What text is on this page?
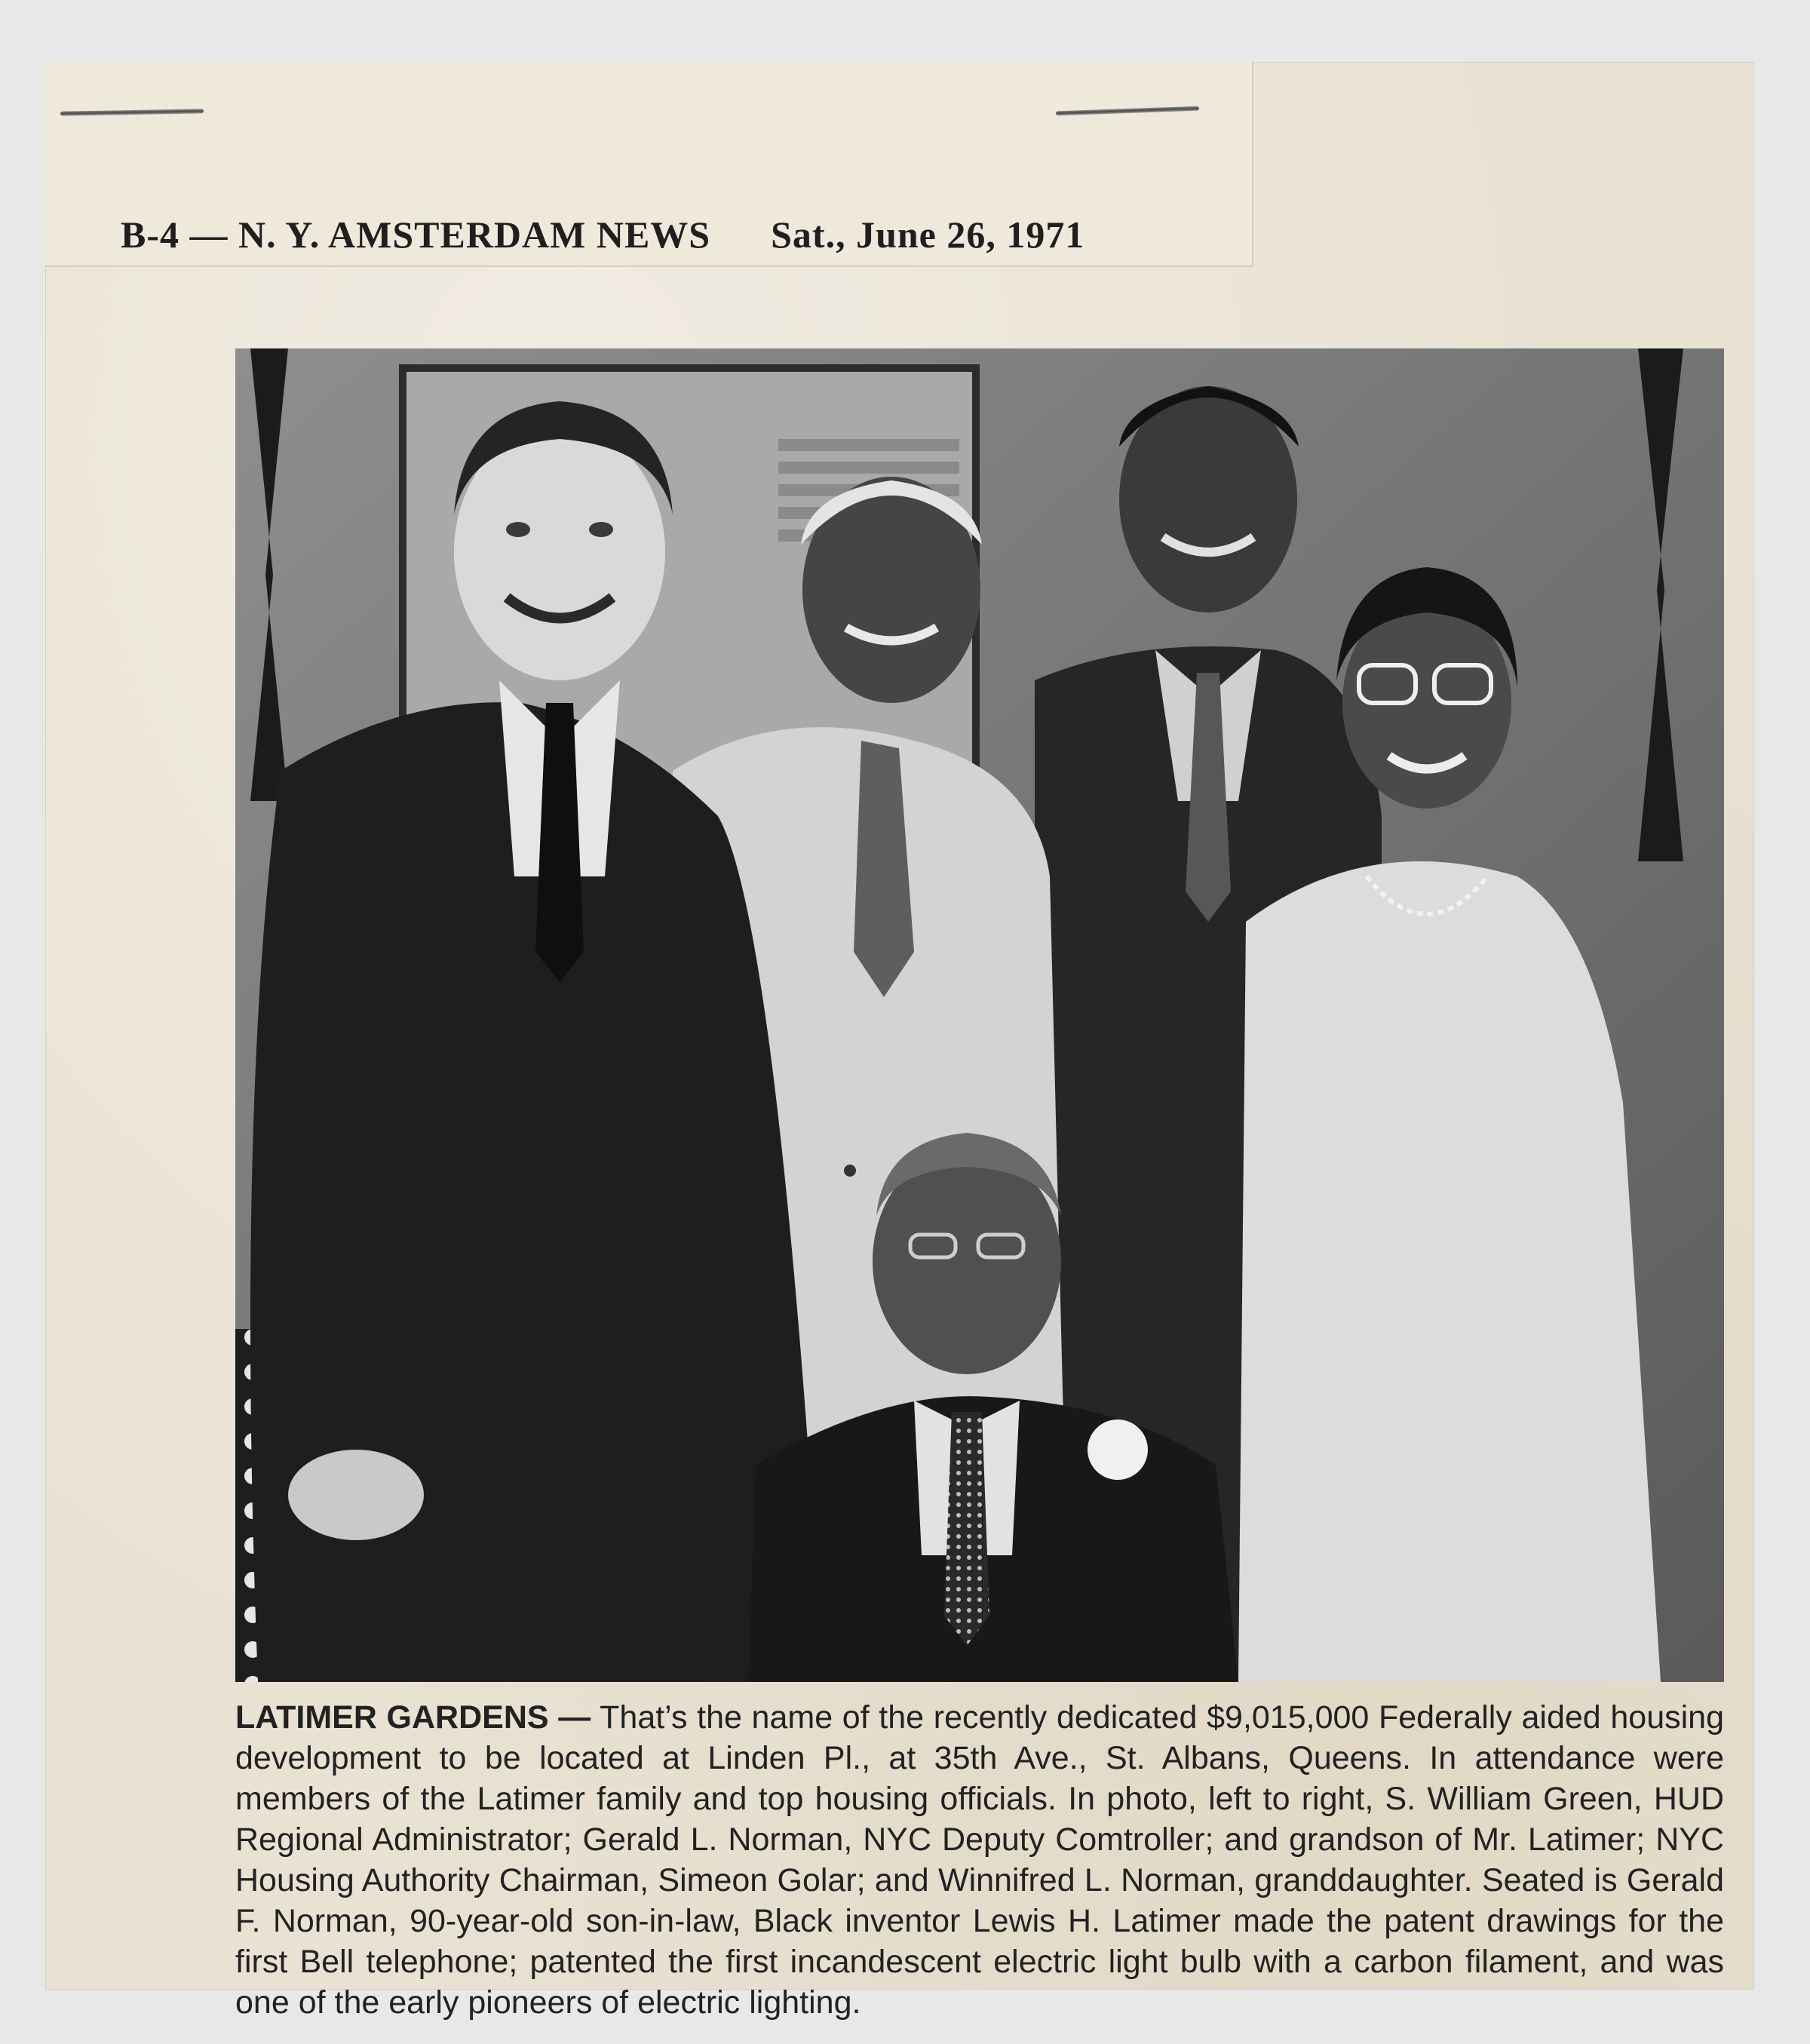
B-4 — N. Y. AMSTERDAM NEWS Sat., June 26, 1971
LATIMER GARDENS — That’s the name of the recently dedicated $9,015,000 Federally aided housing development to be located at Linden Pl., at 35th Ave., St. Albans, Queens. In attendance were members of the Latimer family and top housing officials. In photo, left to right, S. William Green, HUD Regional Administrator; Gerald L. Norman, NYC Deputy Comtroller; and grandson of Mr. Latimer; NYC Housing Authority Chairman, Simeon Golar; and Winnifred L. Norman, granddaughter. Seated is Gerald F. Norman, 90-year-old son-in-law, Black inventor Lewis H. Latimer made the patent drawings for the first Bell telephone; patented the first incandescent electric light bulb with a carbon filament, and was one of the early pioneers of electric lighting.
